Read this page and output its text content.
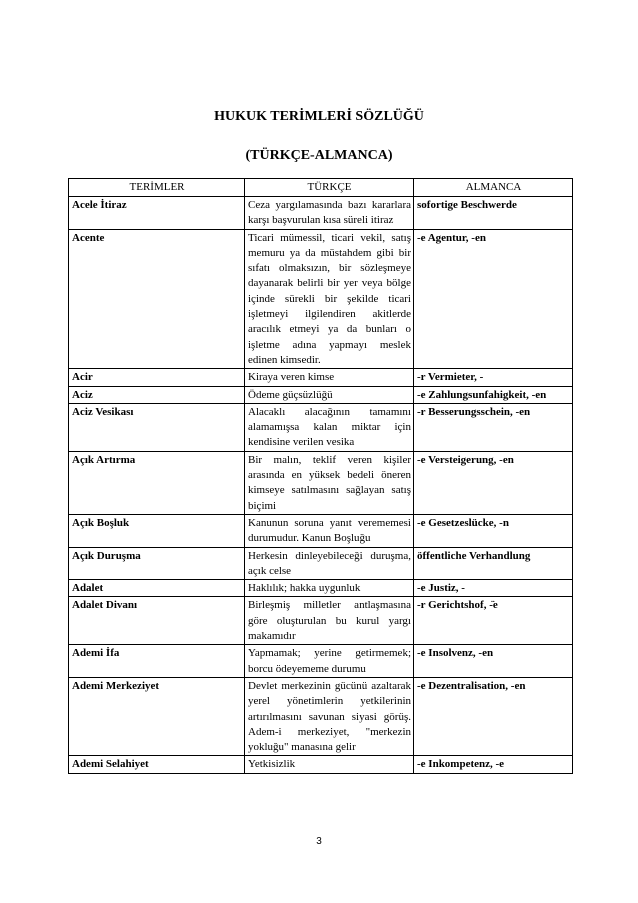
HUKUK TERİMLERİ SÖZLÜĞÜ
(TÜRKÇE-ALMANCA)
TERİMLER	TÜRKÇE	ALMANCA
Acele İtiraz	Ceza yargılamasında bazı kararlara karşı başvurulan kısa süreli itiraz	sofortige Beschwerde
Acente	Ticari mümessil, ticari vekil, satış memuru ya da müstahdem gibi bir sıfatı olmaksızın, bir sözleşmeye dayanarak belirli bir yer veya bölge içinde sürekli bir şekilde ticari işletmeyi ilgilendiren akitlerde aracılık etmeyi ya da bunları o işletme adına yapmayı meslek edinen kimsedir.	-e Agentur, -en
Acir	Kiraya veren kimse	-r Vermieter, -
Aciz	Ödeme güçsüzlüğü	-e Zahlungsunfahigkeit, -en
Aciz Vesikası	Alacaklı alacağının tamamını alamamışsa kalan miktar için kendisine verilen vesika	-r Besserungsschein, -en
Açık Artırma	Bir malın, teklif veren kişiler arasında en yüksek bedeli öneren kimseye satılmasını sağlayan satış biçimi	-e Versteigerung, -en
Açık Boşluk	Kanunun soruna yanıt verememesi durumudur. Kanun Boşluğu	-e Gesetzeslücke, -n
Açık Duruşma	Herkesin dinleyebileceği duruşma, açık celse	öffentliche Verhandlung
Adalet	Haklılık; hakka uygunluk	-e Justiz, -
Adalet Divanı	Birleşmiş milletler antlaşmasına göre oluşturulan bu kurul yargı makamıdır	-r Gerichtshof, -̈e
Ademi İfa	Yapmamak; yerine getirmemek; borcu ödeyememe durumu	-e Insolvenz, -en
Ademi Merkeziyet	Devlet merkezinin gücünü azaltarak yerel yönetimlerin yetkilerinin artırılmasını savunan siyasi görüş. Adem-i merkeziyet, "merkezin yokluğu" manasına gelir	-e Dezentralisation, -en
Ademi Selahiyet	Yetkisizlik	-e Inkompetenz, -e
3
